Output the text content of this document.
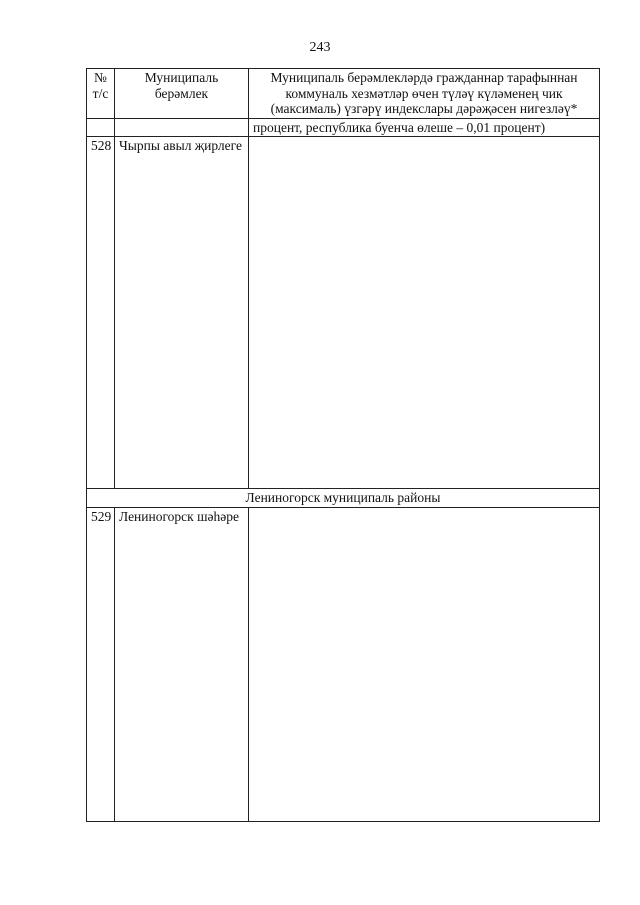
243
№ т/с	Муниципаль берәмлек	Муниципаль берәмлекләрдә гражданнар тарафыннан коммуналь хезмәтләр өчен түләү күләменең чик (максималь) үзгәрү индекслары дәрәҗәсен нигезләү*
		процент, республика буенча өлеше – 0,01 процент)
528	Чырпы авыл җирлеге	
Лениногорск муниципаль районы		
529	Лениногорск шәһәре	
